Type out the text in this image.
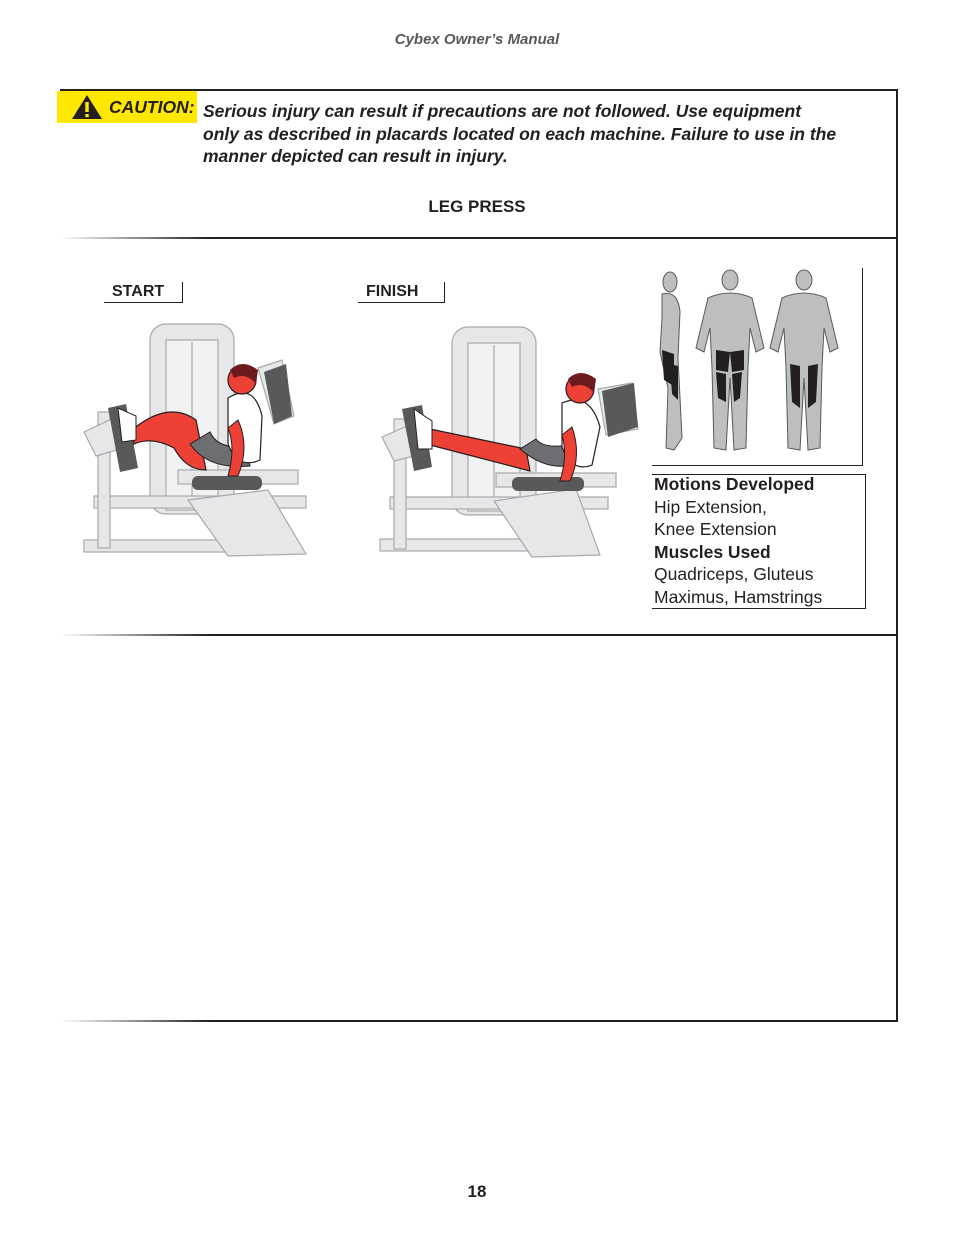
Cybex Owner’s Manual
CAUTION: Serious injury can result if precautions are not followed. Use equipment
only as described in placards located on each machine. Failure to use in the
manner depicted can result in injury.
LEG PRESS
START	FINISH
Motions Developed
Hip Extension,
Knee Extension
Muscles Used
Quadriceps, Gluteus
Maximus, Hamstrings
18
